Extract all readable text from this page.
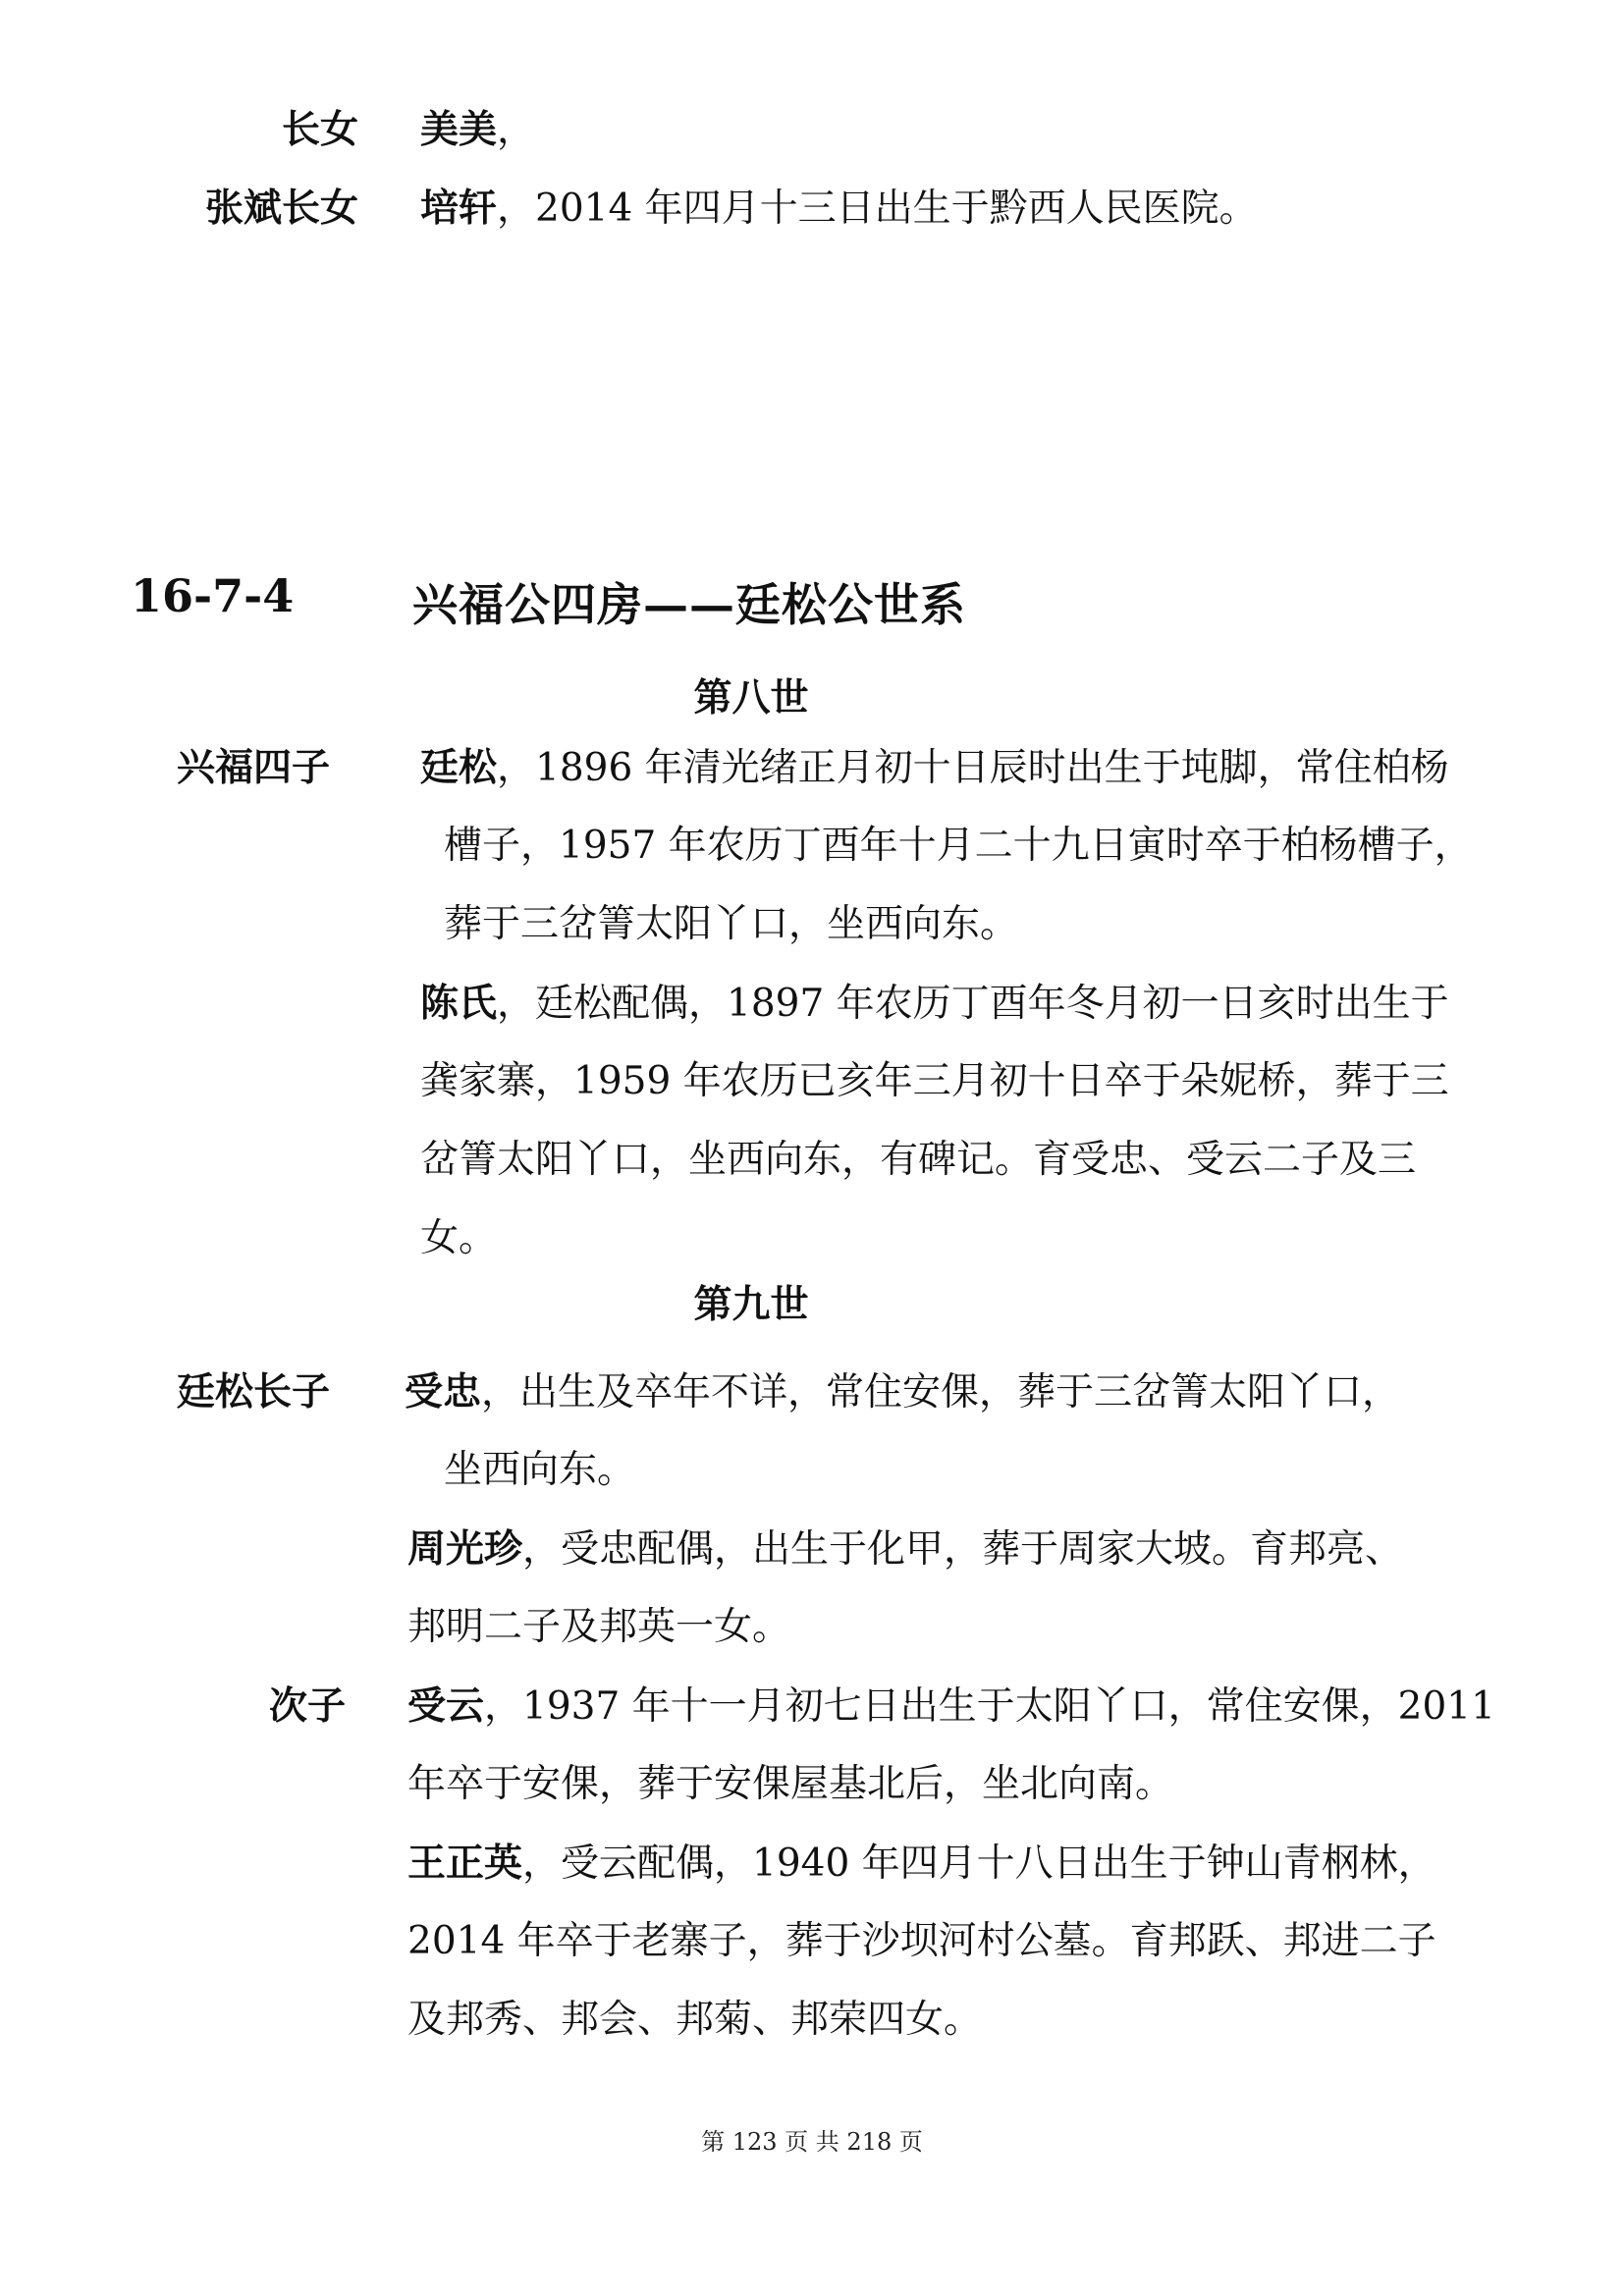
长女 美美，
张斌长女 培轩，2014 年四月十三日出生于黔西人民医院。
16-7-4	兴福公四房——廷松公世系
第八世
兴福四子 廷松，1896 年清光绪正月初十日辰时出生于坉脚，常住柏杨
槽子，1957 年农历丁酉年十月二十九日寅时卒于柏杨槽子，
葬于三岔箐太阳丫口，坐西向东。
陈氏，廷松配偶，1897 年农历丁酉年冬月初一日亥时出生于
龚家寨，1959 年农历已亥年三月初十日卒于朵妮桥，葬于三
岔箐太阳丫口，坐西向东，有碑记。育受忠、受云二子及三
女。
第九世
廷松长子 受忠，出生及卒年不详，常住安倮，葬于三岔箐太阳丫口，
坐西向东。
周光珍，受忠配偶，出生于化甲，葬于周家大坡。育邦亮、
邦明二子及邦英一女。
次子 受云，1937 年十一月初七日出生于太阳丫口，常住安倮，2011
年卒于安倮，葬于安倮屋基北后，坐北向南。
王正英，受云配偶，1940 年四月十八日出生于钟山青㭎林，
2014 年卒于老寨子，葬于沙坝河村公墓。育邦跃、邦进二子
及邦秀、邦会、邦菊、邦荣四女。
第 123 页 共 218 页
